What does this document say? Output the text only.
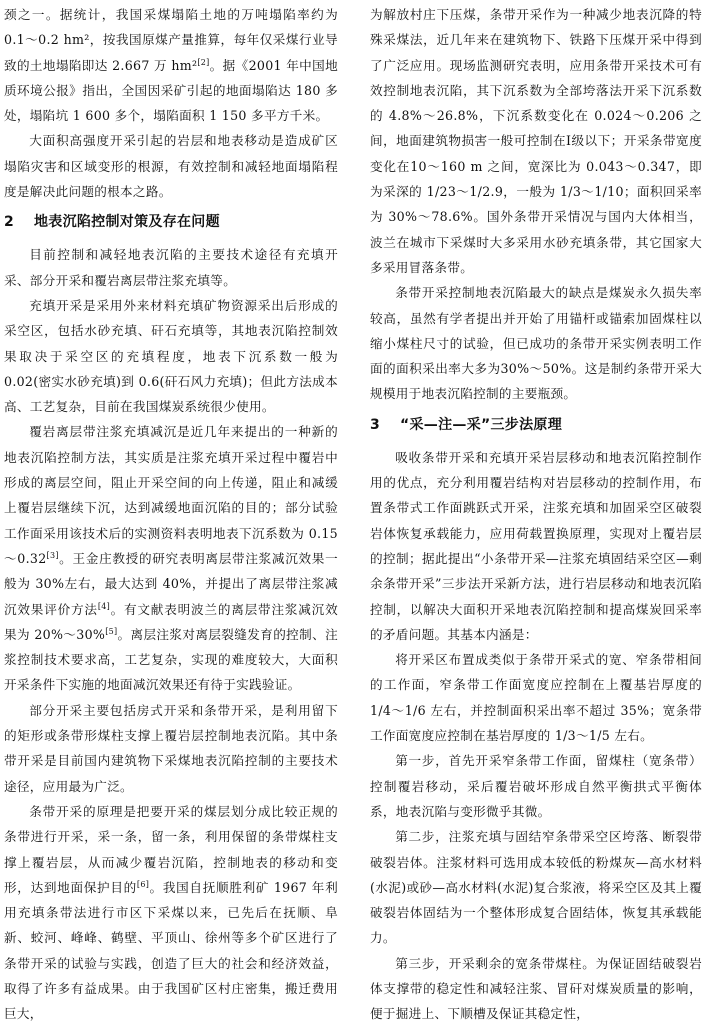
颈之一。据统计，我国采煤塌陷土地的万吨塌陷率约为 0.1～0.2 hm²，按我国原煤产量推算，每年仅采煤行业导致的土地塌陷即达 2.667 万 hm²[2]。据《2001 年中国地质环境公报》指出，全国因采矿引起的地面塌陷达 180 多处，塌陷坑 1 600 多个，塌陷面积 1 150 多平方千米。

大面积高强度开采引起的岩层和地表移动是造成矿区塌陷灾害和区域变形的根源，有效控制和减轻地面塌陷程度是解决此问题的根本之路。

2 地表沉陷控制对策及存在问题

目前控制和减轻地表沉陷的主要技术途径有充填开采、部分开采和覆岩离层带注浆充填等。

充填开采是采用外来材料充填矿物资源采出后形成的采空区，包括水砂充填、矸石充填等，其地表沉陷控制效果取决于采空区的充填程度，地表下沉系数一般为 0.02(密实水砂充填)到 0.6(矸石风力充填)；但此方法成本高、工艺复杂，目前在我国煤炭系统很少使用。

覆岩离层带注浆充填减沉是近几年来提出的一种新的地表沉陷控制方法，其实质是注浆充填开采过程中覆岩中形成的离层空间，阻止开采空间的向上传递，阻止和减缓上覆岩层继续下沉，达到减缓地面沉陷的目的；部分试验工作面采用该技术后的实测资料表明地表下沉系数为 0.15～0.32[3]。王金庄教授的研究表明离层带注浆减沉效果一般为 30%左右，最大达到 40%，并提出了离层带注浆减沉效果评价方法[4]。有文献表明波兰的离层带注浆减沉效果为 20%～30%[5]。离层注浆对离层裂缝发育的控制、注浆控制技术要求高，工艺复杂，实现的难度较大，大面积开采条件下实施的地面减沉效果还有待于实践验证。

部分开采主要包括房式开采和条带开采，是利用留下的矩形或条带形煤柱支撑上覆岩层控制地表沉陷。其中条带开采是目前国内建筑物下采煤地表沉陷控制的主要技术途径，应用最为广泛。

条带开采的原理是把要开采的煤层划分成比较正规的条带进行开采，采一条，留一条，利用保留的条带煤柱支撑上覆岩层，从而减少覆岩沉陷，控制地表的移动和变形，达到地面保护目的[6]。我国自抚顺胜利矿 1967 年利用充填条带法进行市区下采煤以来，已先后在抚顺、阜新、蛟河、峰峰、鹤壁、平顶山、徐州等多个矿区进行了条带开采的试验与实践，创造了巨大的社会和经济效益，取得了许多有益成果。由于我国矿区村庄密集，搬迁费用巨大，

为解放村庄下压煤，条带开采作为一种减少地表沉降的特殊采煤法，近几年来在建筑物下、铁路下压煤开采中得到了广泛应用。现场监测研究表明，应用条带开采技术可有效控制地表沉陷，其下沉系数为全部垮落法开采下沉系数的 4.8%～26.8%，下沉系数变化在 0.024～0.206 之间，地面建筑物损害一般可控制在Ⅰ级以下；开采条带宽度变化在10～160 m 之间，宽深比为 0.043～0.347，即为采深的 1/23～1/2.9，一般为 1/3～1/10；面积回采率为 30%～78.6%。国外条带开采情况与国内大体相当，波兰在城市下采煤时大多采用水砂充填条带，其它国家大多采用冒落条带。

条带开采控制地表沉陷最大的缺点是煤炭永久损失率较高，虽然有学者提出并开始了用锚杆或锚索加固煤柱以缩小煤柱尺寸的试验，但已成功的条带开采实例表明工作面的面积采出率大多为30%～50%。这是制约条带开采大规模用于地表沉陷控制的主要瓶颈。

3 “采—注—采”三步法原理

吸收条带开采和充填开采岩层移动和地表沉陷控制作用的优点，充分利用覆岩结构对岩层移动的控制作用，布置条带式工作面跳跃式开采，注浆充填和加固采空区破裂岩体恢复承载能力，应用荷载置换原理，实现对上覆岩层的控制；据此提出“小条带开采—注浆充填固结采空区—剩余条带开采”三步法开采新方法，进行岩层移动和地表沉陷控制，以解决大面积开采地表沉陷控制和提高煤炭回采率的矛盾问题。其基本内涵是：

将开采区布置成类似于条带开采式的宽、窄条带相间的工作面，窄条带工作面宽度应控制在上覆基岩厚度的 1/4～1/6 左右，并控制面积采出率不超过 35%；宽条带工作面宽度应控制在基岩厚度的 1/3～1/5 左右。

第一步，首先开采窄条带工作面，留煤柱（宽条带）控制覆岩移动，采后覆岩破坏形成自然平衡拱式平衡体系，地表沉陷与变形微乎其微。

第二步，注浆充填与固结窄条带采空区垮落、断裂带破裂岩体。注浆材料可选用成本较低的粉煤灰—高水材料(水泥)或砂—高水材料(水泥)复合浆液，将采空区及其上覆破裂岩体固结为一个整体形成复合固结体，恢复其承载能力。

第三步，开采剩余的宽条带煤柱。为保证固结破裂岩体支撑带的稳定性和减轻注浆、冒矸对煤炭质量的影响，便于掘进上、下顺槽及保证其稳定性，
